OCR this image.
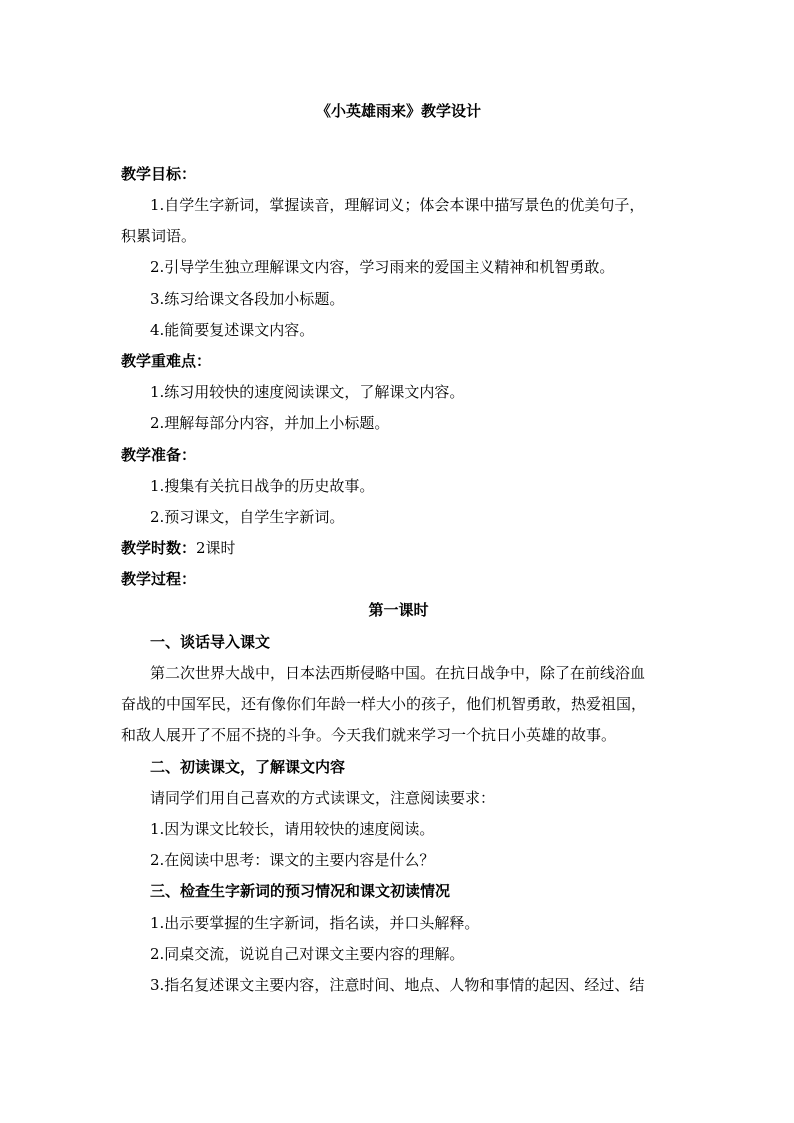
《小英雄雨来》教学设计

教学目标：

1.自学生字新词，掌握读音，理解词义；体会本课中描写景色的优美句子，

积累词语。

2.引导学生独立理解课文内容，学习雨来的爱国主义精神和机智勇敢。

3.练习给课文各段加小标题。

4.能简要复述课文内容。

教学重难点：

1.练习用较快的速度阅读课文，了解课文内容。

2.理解每部分内容，并加上小标题。

教学准备：

1.搜集有关抗日战争的历史故事。

2.预习课文，自学生字新词。

教学时数：2课时

教学过程：

第一课时

一、谈话导入课文

第二次世界大战中，日本法西斯侵略中国。在抗日战争中，除了在前线浴血

奋战的中国军民，还有像你们年龄一样大小的孩子，他们机智勇敢，热爱祖国，

和敌人展开了不屈不挠的斗争。今天我们就来学习一个抗日小英雄的故事。

二、初读课文，了解课文内容

请同学们用自己喜欢的方式读课文，注意阅读要求：

1.因为课文比较长，请用较快的速度阅读。

2.在阅读中思考：课文的主要内容是什么？

三、检查生字新词的预习情况和课文初读情况

1.出示要掌握的生字新词，指名读，并口头解释。

2.同桌交流，说说自己对课文主要内容的理解。

3.指名复述课文主要内容，注意时间、地点、人物和事情的起因、经过、结
